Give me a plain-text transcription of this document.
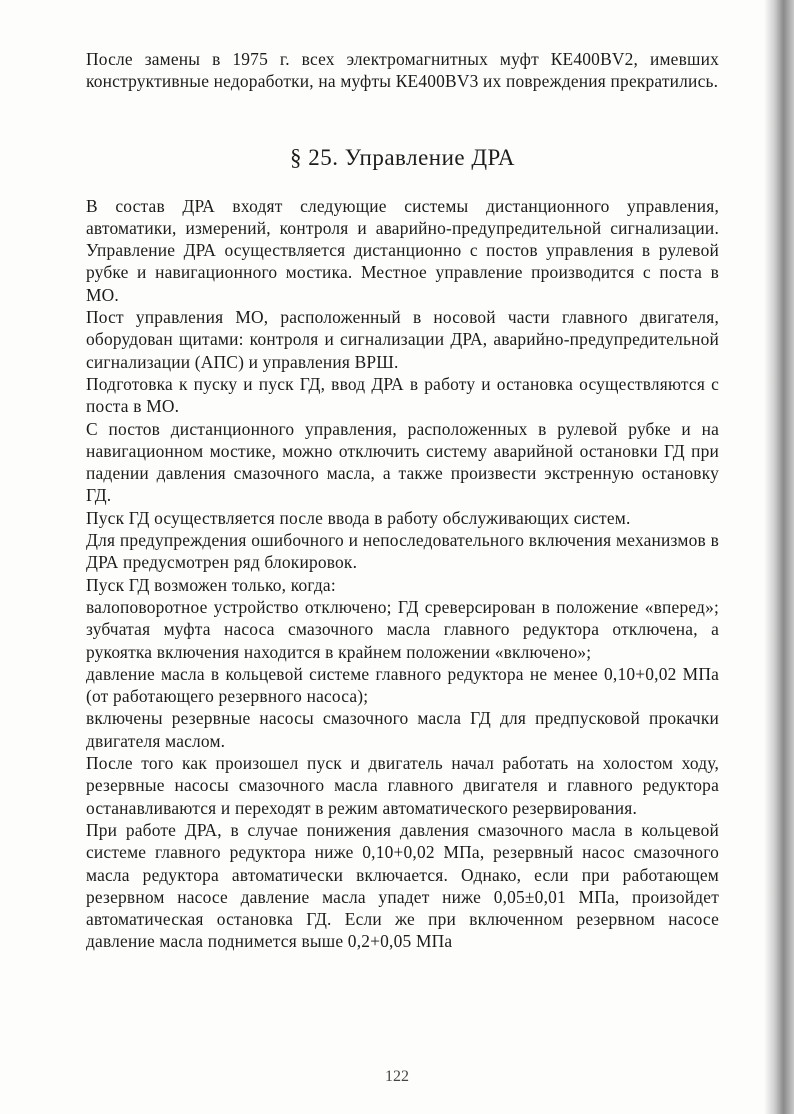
После замены в 1975 г. всех электромагнитных муфт КЕ400BV2, имевших конструктивные недоработки, на муфты КЕ400BV3 их повреждения прекратились.

§ 25. Управление ДРА

В состав ДРА входят следующие системы дистанционного управления, автоматики, измерений, контроля и аварийно-предупредительной сигнализации. Управление ДРА осуществляется дистанционно с постов управления в рулевой рубке и навигационного мостика. Местное управление производится с поста в МО.

Пост управления МО, расположенный в носовой части главного двигателя, оборудован щитами: контроля и сигнализации ДРА, аварийно-предупредительной сигнализации (АПС) и управления ВРШ.

Подготовка к пуску и пуск ГД, ввод ДРА в работу и остановка осуществляются с поста в МО.

С постов дистанционного управления, расположенных в рулевой рубке и на навигационном мостике, можно отключить систему аварийной остановки ГД при падении давления смазочного масла, а также произвести экстренную остановку ГД.

Пуск ГД осуществляется после ввода в работу обслуживающих систем.

Для предупреждения ошибочного и непоследовательного включения механизмов в ДРА предусмотрен ряд блокировок.

Пуск ГД возможен только, когда:

валоповоротное устройство отключено; ГД среверсирован в положение «вперед»; зубчатая муфта насоса смазочного масла главного редуктора отключена, а рукоятка включения находится в крайнем положении «включено»;

давление масла в кольцевой системе главного редуктора не менее 0,10+0,02 МПа (от работающего резервного насоса);

включены резервные насосы смазочного масла ГД для предпусковой прокачки двигателя маслом.

После того как произошел пуск и двигатель начал работать на холостом ходу, резервные насосы смазочного масла главного двигателя и главного редуктора останавливаются и переходят в режим автоматического резервирования.

При работе ДРА, в случае понижения давления смазочного масла в кольцевой системе главного редуктора ниже 0,10+0,02 МПа, резервный насос смазочного масла редуктора автоматически включается. Однако, если при работающем резервном насосе давление масла упадет ниже 0,05±0,01 МПа, произойдет автоматическая остановка ГД. Если же при включенном резервном насосе давление масла поднимется выше 0,2+0,05 МПа

122
